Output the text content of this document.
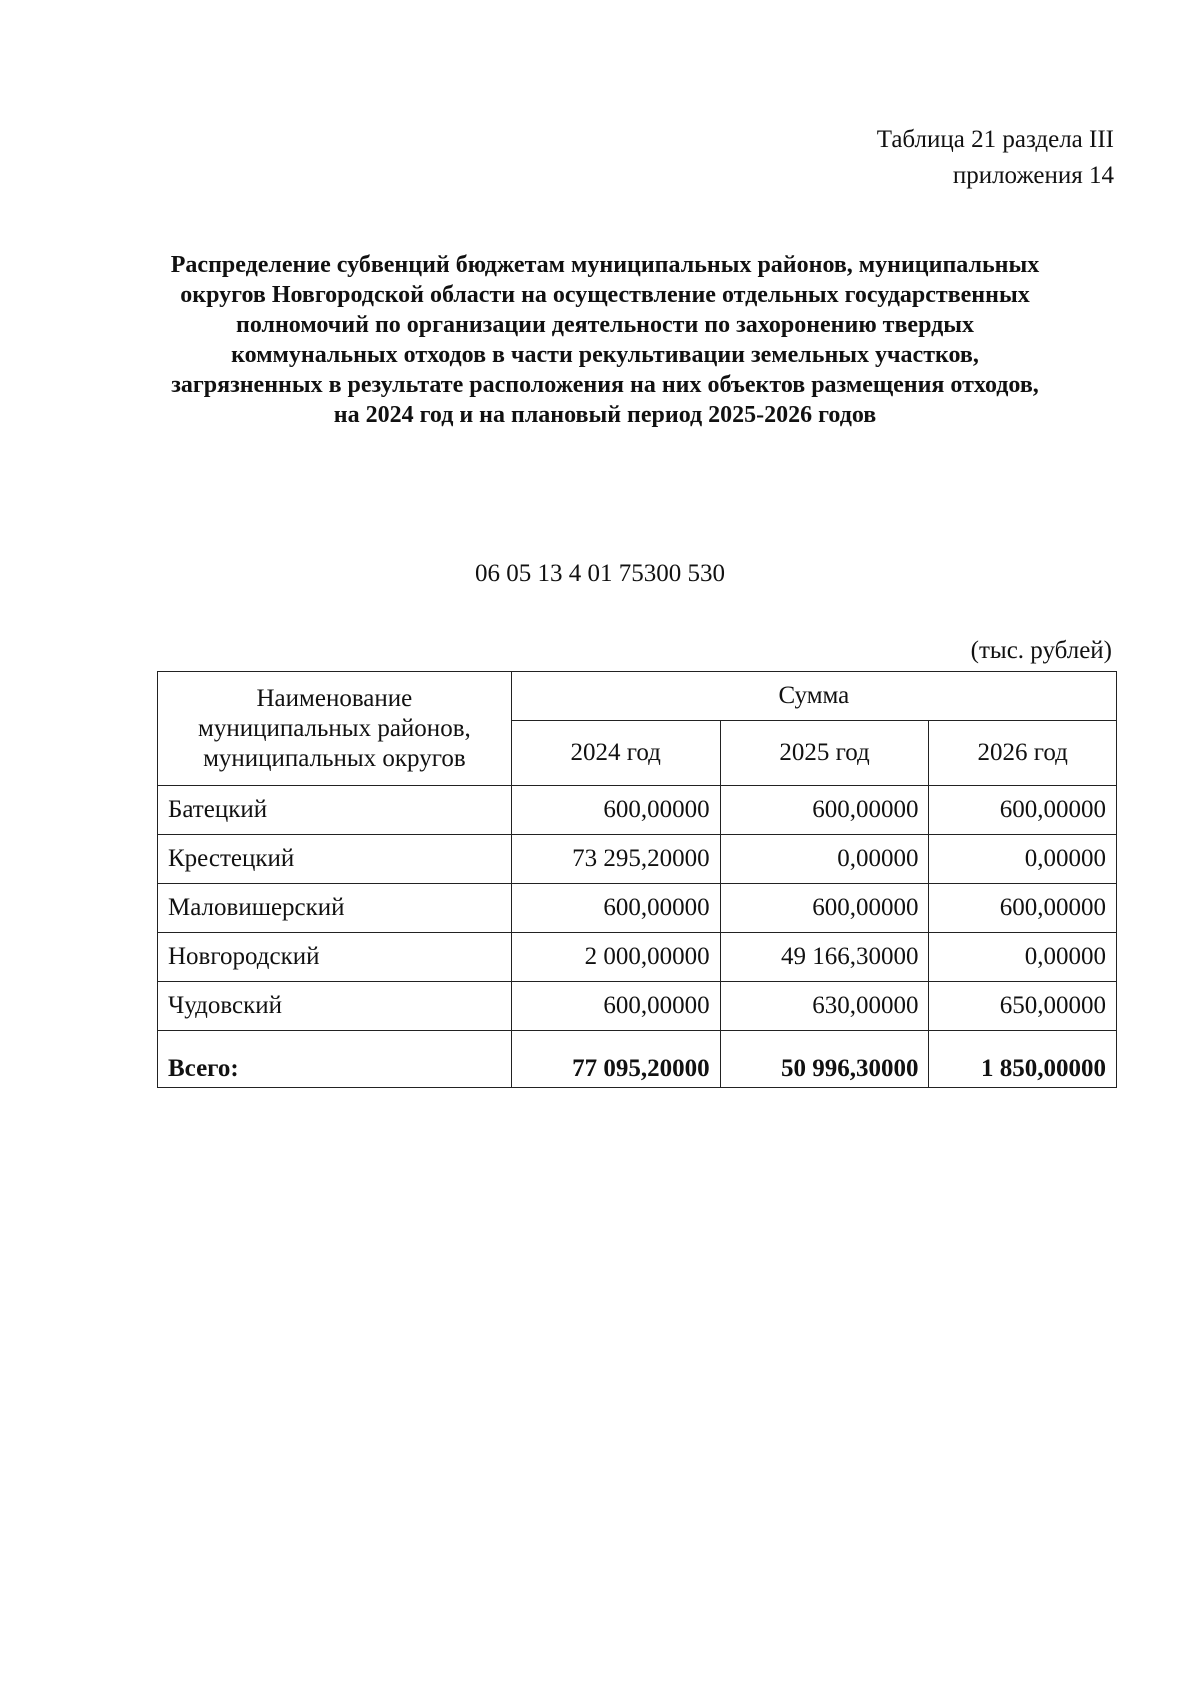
Таблица 21 раздела III
приложения 14
Распределение субвенций бюджетам муниципальных районов, муниципальных округов Новгородской области на осуществление отдельных государственных полномочий по организации деятельности по захоронению твердых коммунальных отходов в части рекультивации земельных участков, загрязненных в результате расположения на них объектов размещения отходов, на 2024 год и на плановый период 2025-2026 годов
06 05 13 4 01 75300 530
(тыс. рублей)
Наименование муниципальных районов, муниципальных округов	Сумма		
	2024 год	2025 год	2026 год
Батецкий	600,00000	600,00000	600,00000
Крестецкий	73 295,20000	0,00000	0,00000
Маловишерский	600,00000	600,00000	600,00000
Новгородский	2 000,00000	49 166,30000	0,00000
Чудовский	600,00000	630,00000	650,00000
Всего:	77 095,20000	50 996,30000	1 850,00000
